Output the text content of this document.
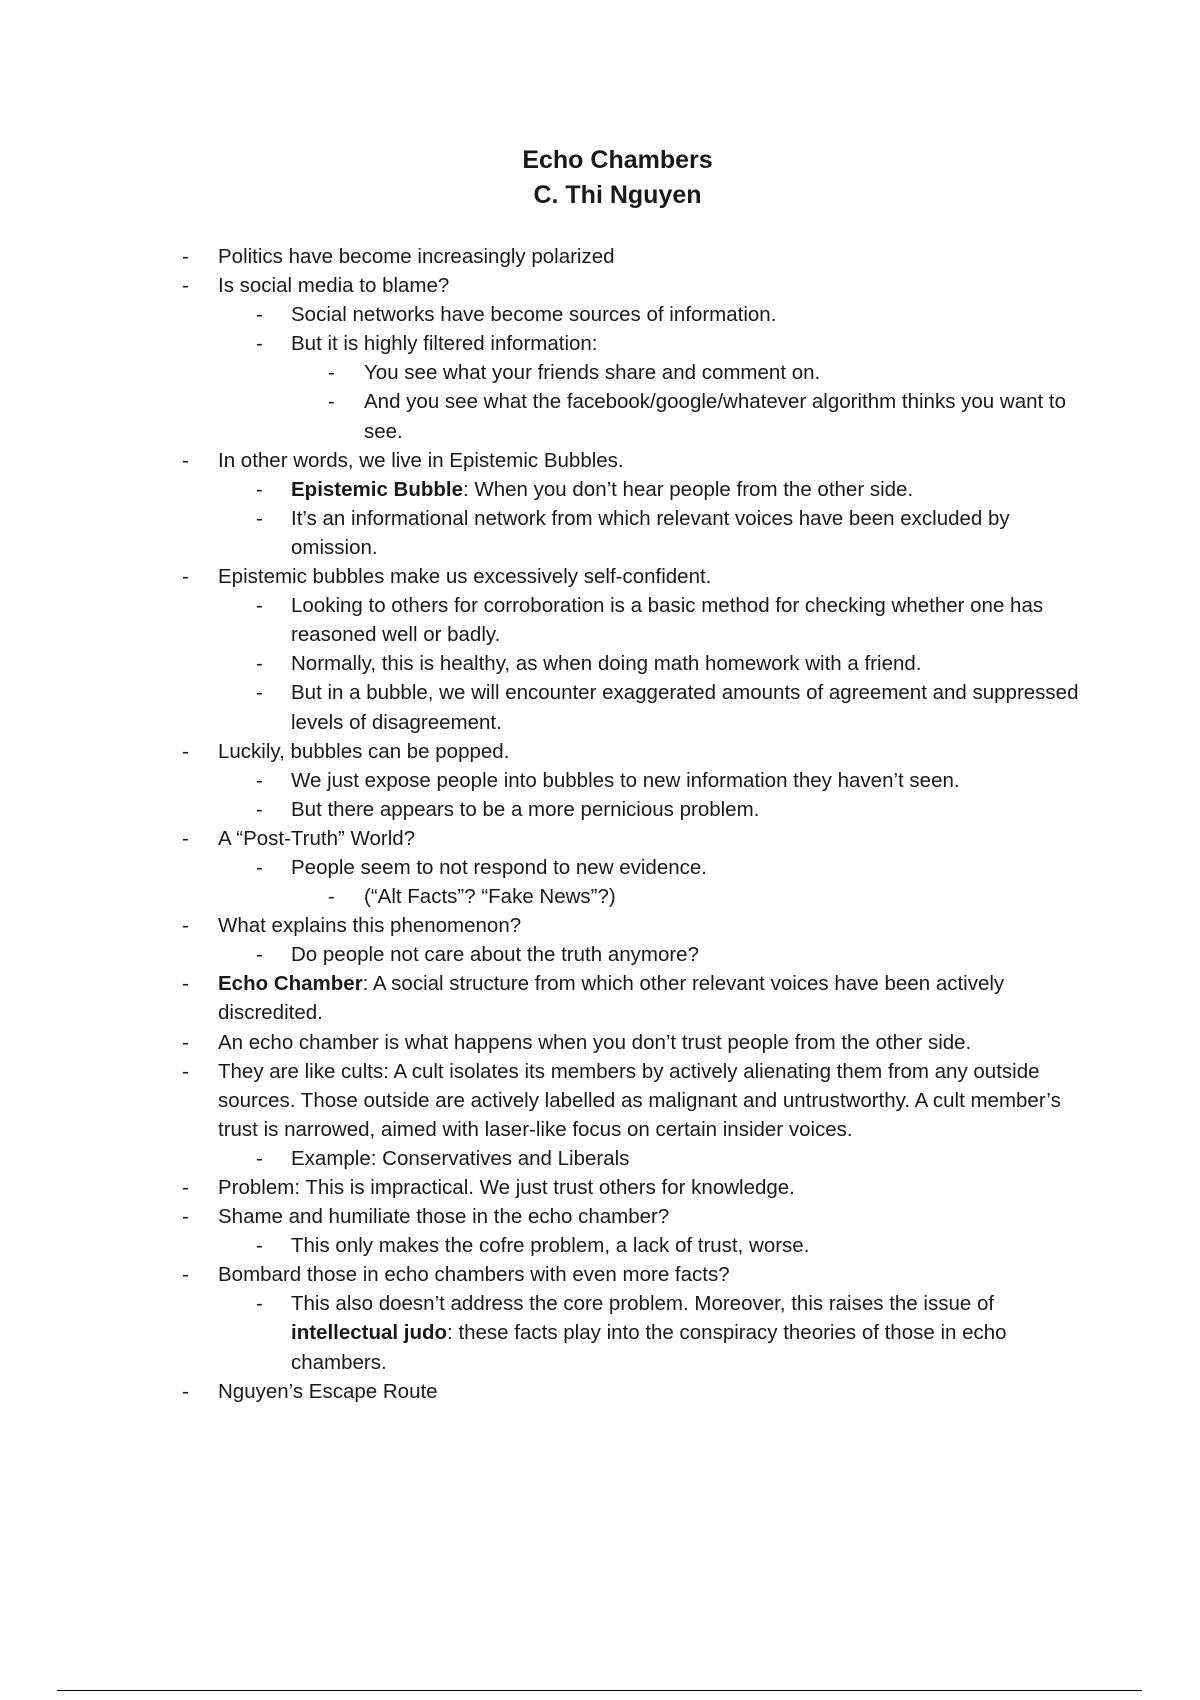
Echo Chambers
C. Thi Nguyen
-	Politics have become increasingly polarized
-	Is social media to blame?
-	Social networks have become sources of information.
-	But it is highly filtered information:
-	You see what your friends share and comment on.
-	And you see what the facebook/google/whatever algorithm thinks you want to see.
-	In other words, we live in Epistemic Bubbles.
-	Epistemic Bubble: When you don’t hear people from the other side.
-	It’s an informational network from which relevant voices have been excluded by omission.
-	Epistemic bubbles make us excessively self-confident.
-	Looking to others for corroboration is a basic method for checking whether one has reasoned well or badly.
-	Normally, this is healthy, as when doing math homework with a friend.
-	But in a bubble, we will encounter exaggerated amounts of agreement and suppressed levels of disagreement.
-	Luckily, bubbles can be popped.
-	We just expose people into bubbles to new information they haven’t seen.
-	But there appears to be a more pernicious problem.
-	A “Post-Truth” World?
-	People seem to not respond to new evidence.
-	(“Alt Facts”? “Fake News”?)
-	What explains this phenomenon?
-	Do people not care about the truth anymore?
-	Echo Chamber: A social structure from which other relevant voices have been actively discredited.
-	An echo chamber is what happens when you don’t trust people from the other side.
-	They are like cults: A cult isolates its members by actively alienating them from any outside sources. Those outside are actively labelled as malignant and untrustworthy. A cult member’s trust is narrowed, aimed with laser-like focus on certain insider voices.
-	Example: Conservatives and Liberals
-	Problem: This is impractical. We just trust others for knowledge.
-	Shame and humiliate those in the echo chamber?
-	This only makes the cofre problem, a lack of trust, worse.
-	Bombard those in echo chambers with even more facts?
-	This also doesn’t address the core problem. Moreover, this raises the issue of intellectual judo: these facts play into the conspiracy theories of those in echo chambers.
-	Nguyen’s Escape Route
